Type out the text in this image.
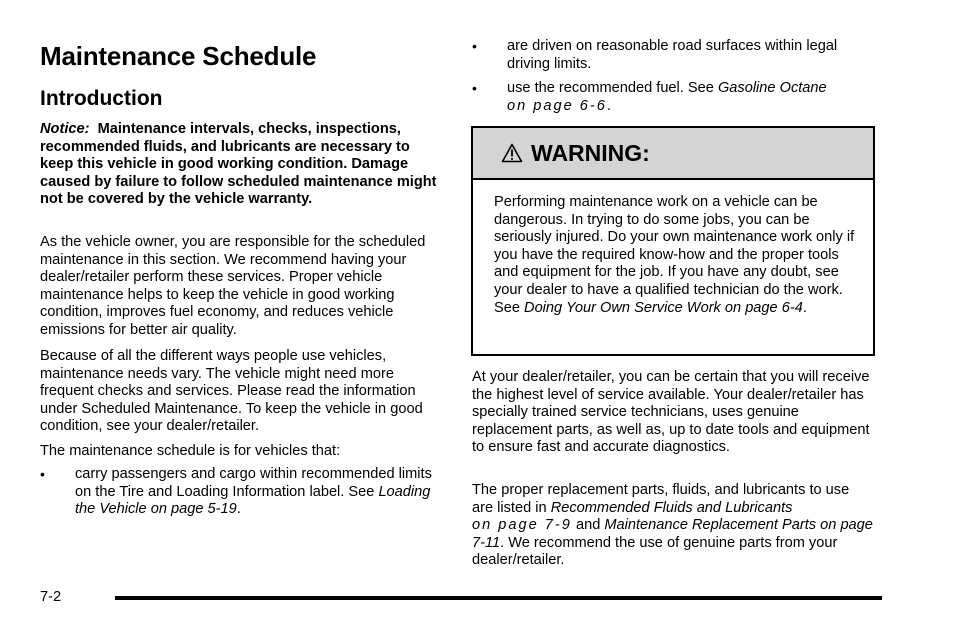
Maintenance Schedule
Introduction

Notice: Maintenance intervals, checks, inspections, recommended fluids, and lubricants are necessary to keep this vehicle in good working condition. Damage caused by failure to follow scheduled maintenance might not be covered by the vehicle warranty.

As the vehicle owner, you are responsible for the scheduled maintenance in this section. We recommend having your dealer/retailer perform these services. Proper vehicle maintenance helps to keep the vehicle in good working condition, improves fuel economy, and reduces vehicle emissions for better air quality.

Because of all the different ways people use vehicles, maintenance needs vary. The vehicle might need more frequent checks and services. Please read the information under Scheduled Maintenance. To keep the vehicle in good condition, see your dealer/retailer.

The maintenance schedule is for vehicles that:

• carry passengers and cargo within recommended limits on the Tire and Loading Information label. See Loading the Vehicle on page 5-19.

• are driven on reasonable road surfaces within legal driving limits.

• use the recommended fuel. See Gasoline Octane
on page 6-6.

WARNING:

Performing maintenance work on a vehicle can be dangerous. In trying to do some jobs, you can be seriously injured. Do your own maintenance work only if you have the required know-how and the proper tools and equipment for the job. If you have any doubt, see your dealer to have a qualified technician do the work. See Doing Your Own Service Work on page 6-4.

At your dealer/retailer, you can be certain that you will receive the highest level of service available. Your dealer/retailer has specially trained service technicians, uses genuine replacement parts, as well as, up to date tools and equipment to ensure fast and accurate diagnostics.

The proper replacement parts, fluids, and lubricants to use are listed in Recommended Fluids and Lubricants
on page 7-9 and Maintenance Replacement Parts on page 7-11. We recommend the use of genuine parts from your dealer/retailer.

7-2
